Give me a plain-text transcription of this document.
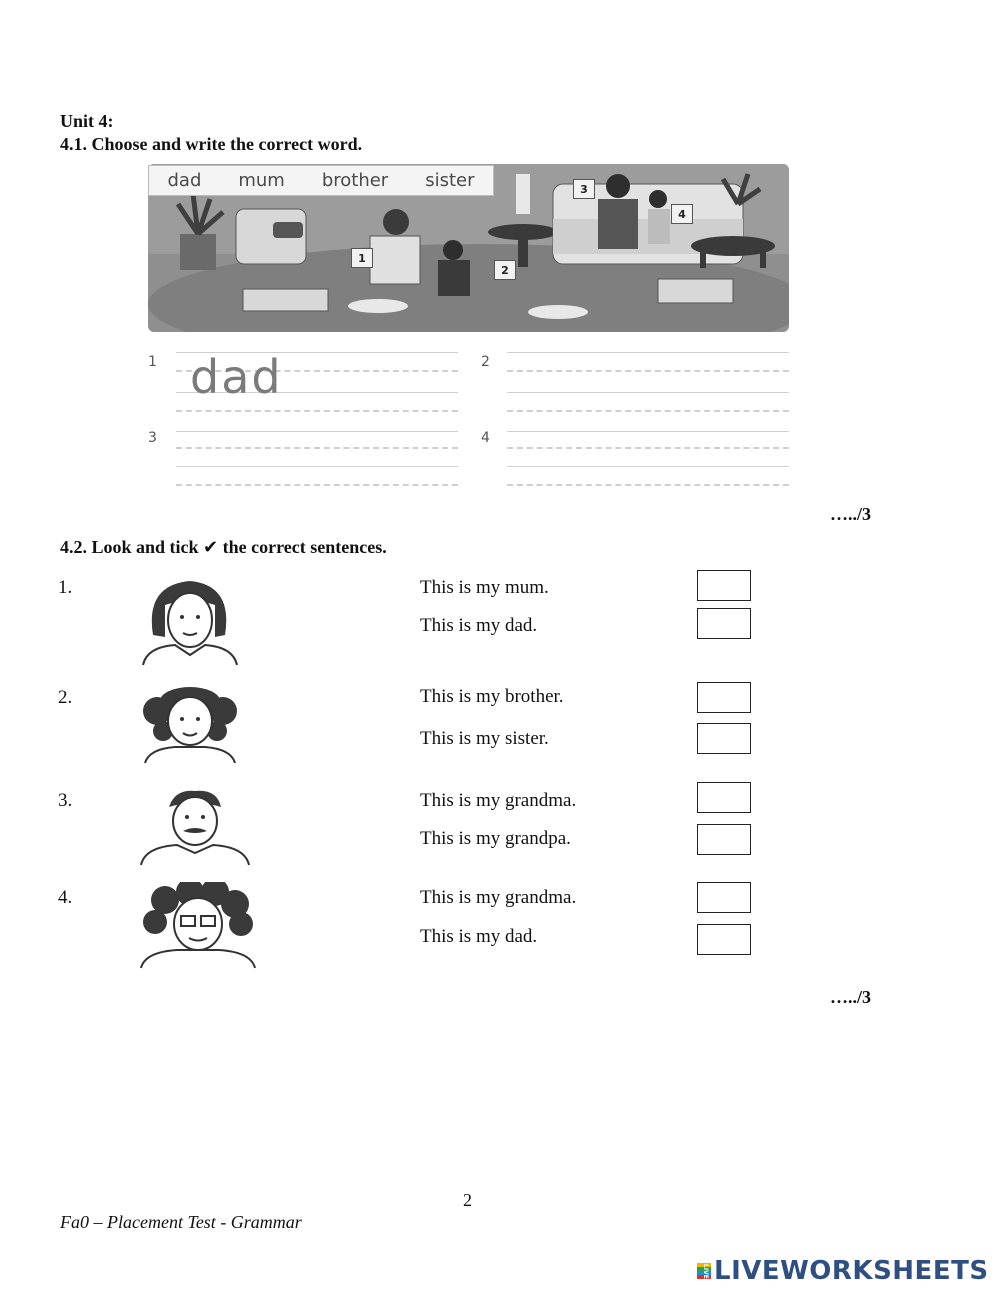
Unit 4:
4.1. Choose and write the correct word.
dad mum brother sister
1
2
3
4
1	2
3	4
dad
…../3
4.2. Look and tick ✔ the correct sentences.
1.	This is my mum.
This is my dad.
2.	This is my brother.
This is my sister.
3.	This is my grandma.
This is my grandpa.
4.	This is my grandma.
This is my dad.
…../3
2
Fa0 – Placement Test - Grammar
LIVE LIVEWORKSHEETS
